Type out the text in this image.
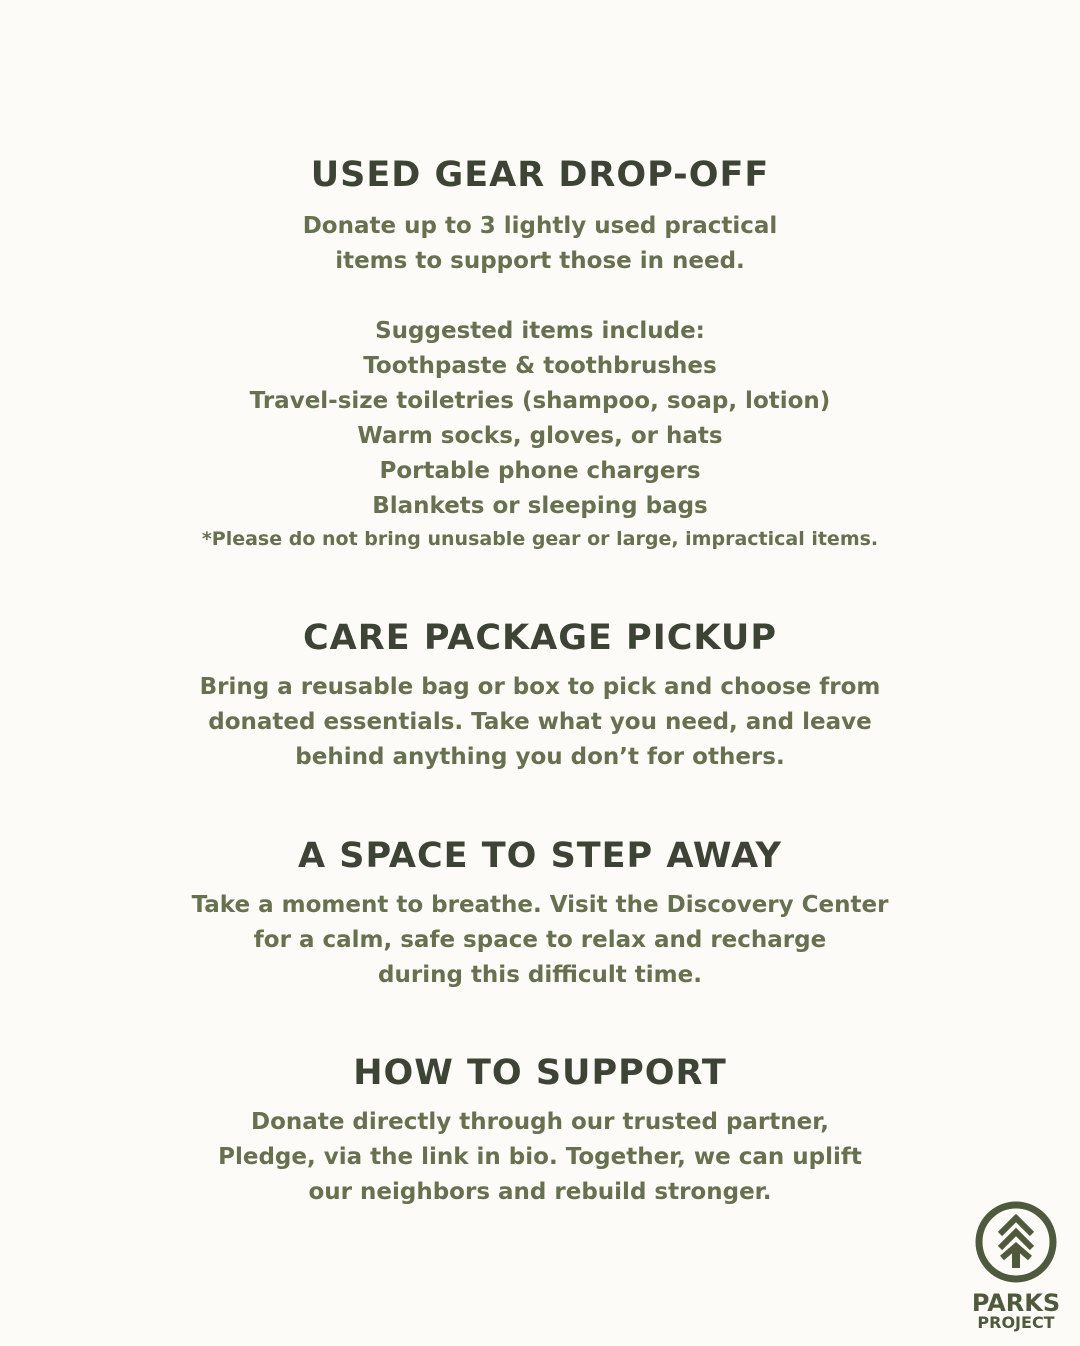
USED GEAR DROP-OFF

Donate up to 3 lightly used practical

items to support those in need.

Suggested items include:

Toothpaste & toothbrushes

Travel-size toiletries (shampoo, soap, lotion)

Warm socks, gloves, or hats

Portable phone chargers

Blankets or sleeping bags

*Please do not bring unusable gear or large, impractical items.

CARE PACKAGE PICKUP

Bring a reusable bag or box to pick and choose from

donated essentials. Take what you need, and leave

behind anything you don’t for others.

A SPACE TO STEP AWAY

Take a moment to breathe. Visit the Discovery Center

for a calm, safe space to relax and recharge

during this difficult time.

HOW TO SUPPORT

Donate directly through our trusted partner,

Pledge, via the link in bio. Together, we can uplift

our neighbors and rebuild stronger.

PARKS
PROJECT
